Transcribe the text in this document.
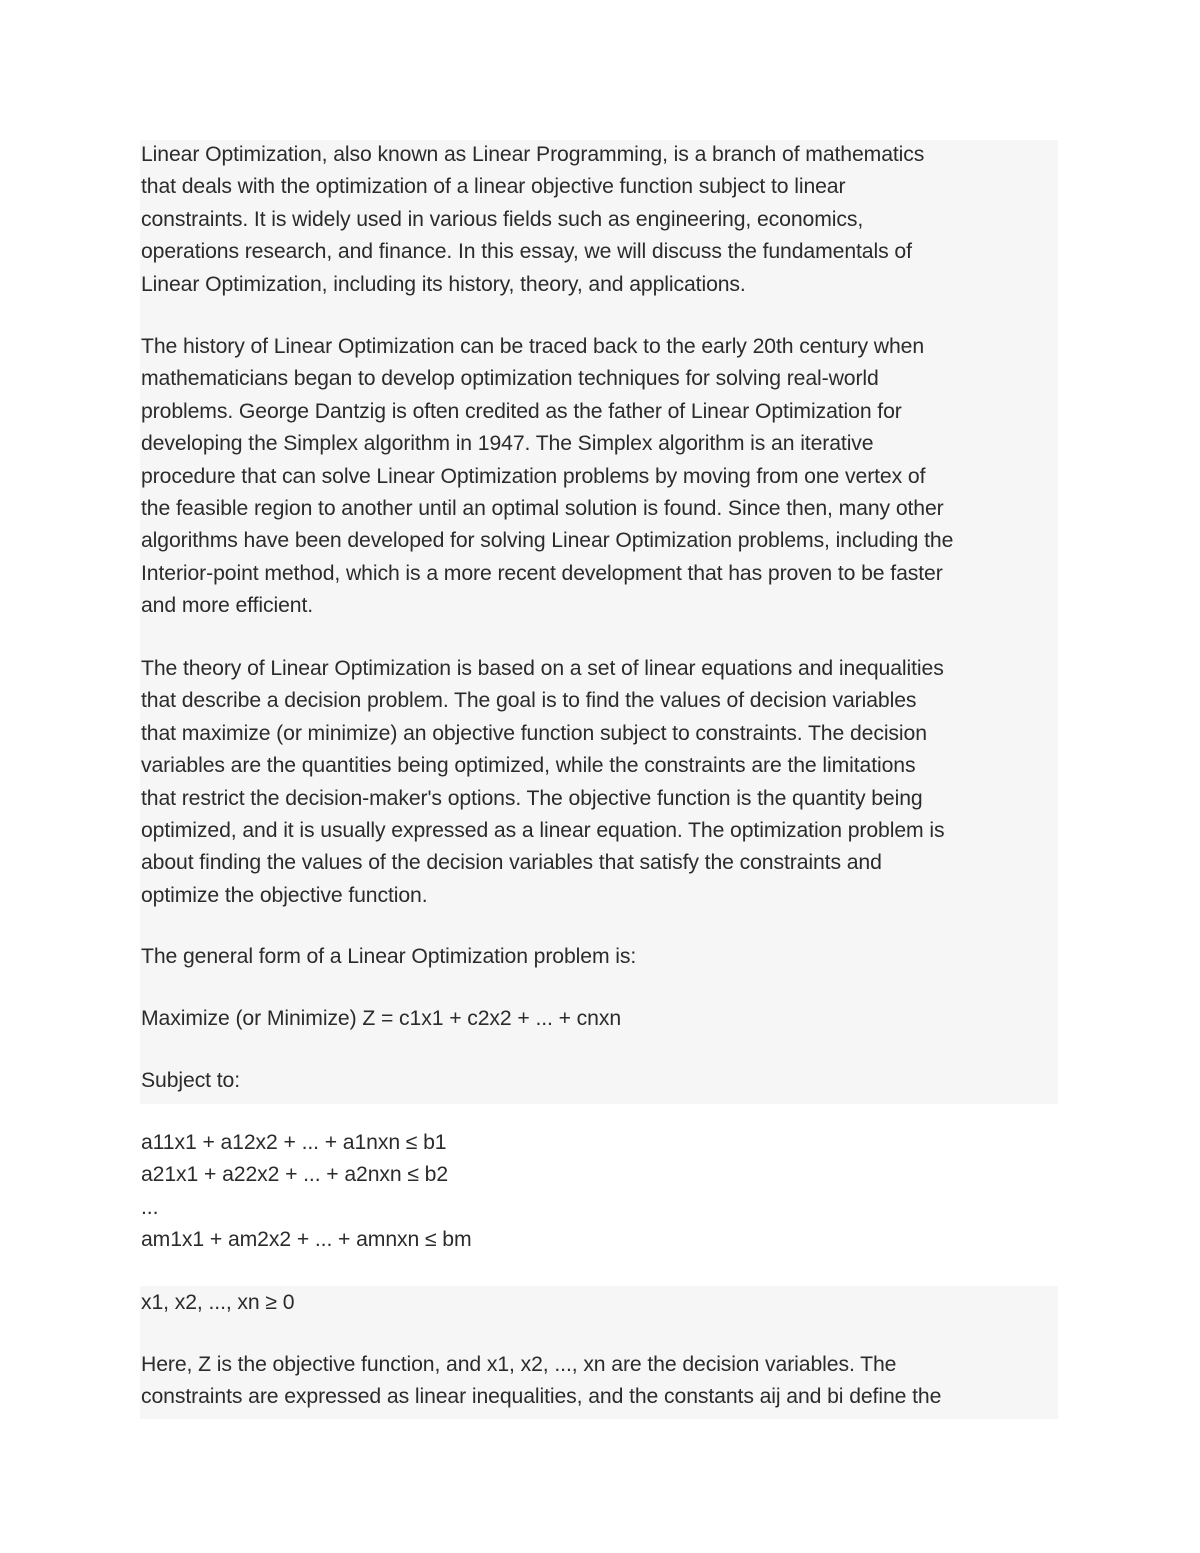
Linear Optimization, also known as Linear Programming, is a branch of mathematics
that deals with the optimization of a linear objective function subject to linear
constraints. It is widely used in various fields such as engineering, economics,
operations research, and finance. In this essay, we will discuss the fundamentals of
Linear Optimization, including its history, theory, and applications.

The history of Linear Optimization can be traced back to the early 20th century when
mathematicians began to develop optimization techniques for solving real-world
problems. George Dantzig is often credited as the father of Linear Optimization for
developing the Simplex algorithm in 1947. The Simplex algorithm is an iterative
procedure that can solve Linear Optimization problems by moving from one vertex of
the feasible region to another until an optimal solution is found. Since then, many other
algorithms have been developed for solving Linear Optimization problems, including the
Interior-point method, which is a more recent development that has proven to be faster
and more efficient.

The theory of Linear Optimization is based on a set of linear equations and inequalities
that describe a decision problem. The goal is to find the values of decision variables
that maximize (or minimize) an objective function subject to constraints. The decision
variables are the quantities being optimized, while the constraints are the limitations
that restrict the decision-maker's options. The objective function is the quantity being
optimized, and it is usually expressed as a linear equation. The optimization problem is
about finding the values of the decision variables that satisfy the constraints and
optimize the objective function.

The general form of a Linear Optimization problem is:

Maximize (or Minimize) Z = c1x1 + c2x2 + ... + cnxn

Subject to:

a11x1 + a12x2 + ... + a1nxn ≤ b1
a21x1 + a22x2 + ... + a2nxn ≤ b2
...
am1x1 + am2x2 + ... + amnxn ≤ bm

x1, x2, ..., xn ≥ 0

Here, Z is the objective function, and x1, x2, ..., xn are the decision variables. The
constraints are expressed as linear inequalities, and the constants aij and bi define the
